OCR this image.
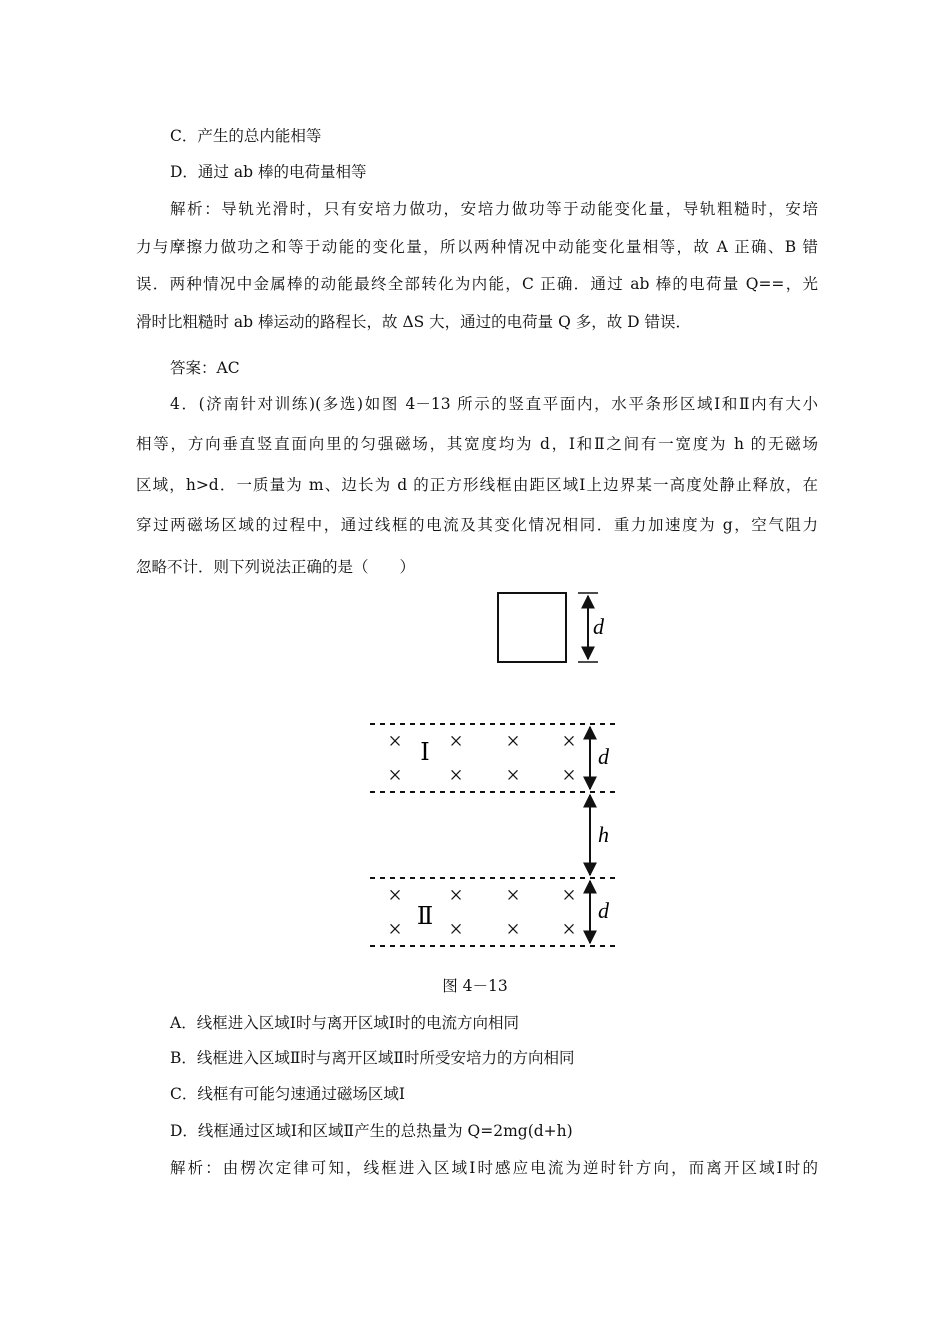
C．产生的总内能相等
D．通过 ab 棒的电荷量相等
解析：导轨光滑时，只有安培力做功，安培力做功等于动能变化量，导轨粗糙时，安培
力与摩擦力做功之和等于动能的变化量，所以两种情况中动能变化量相等，故 A 正确、B 错
误．两种情况中金属棒的动能最终全部转化为内能，C 正确．通过 ab 棒的电荷量 Q==，光
滑时比粗糙时 ab 棒运动的路程长，故 ΔS 大，通过的电荷量 Q 多，故 D 错误．
答案：AC
4．(济南针对训练)(多选)如图 4－13 所示的竖直平面内，水平条形区域Ⅰ和Ⅱ内有大小
相等，方向垂直竖直面向里的匀强磁场，其宽度均为 d，Ⅰ和Ⅱ之间有一宽度为 h 的无磁场
区域，h>d．一质量为 m、边长为 d 的正方形线框由距区域Ⅰ上边界某一高度处静止释放，在
穿过两磁场区域的过程中，通过线框的电流及其变化情况相同．重力加速度为 g，空气阻力
忽略不计．则下列说法正确的是（　　）
d
× × × ×
× × × ×
× × × ×
× × × ×
Ⅰ
Ⅱ
d
h
d
图 4－13
A．线框进入区域Ⅰ时与离开区域Ⅰ时的电流方向相同
B．线框进入区域Ⅱ时与离开区域Ⅱ时所受安培力的方向相同
C．线框有可能匀速通过磁场区域Ⅰ
D．线框通过区域Ⅰ和区域Ⅱ产生的总热量为 Q=2mg(d+h)
解析：由楞次定律可知，线框进入区域Ⅰ时感应电流为逆时针方向，而离开区域Ⅰ时的
